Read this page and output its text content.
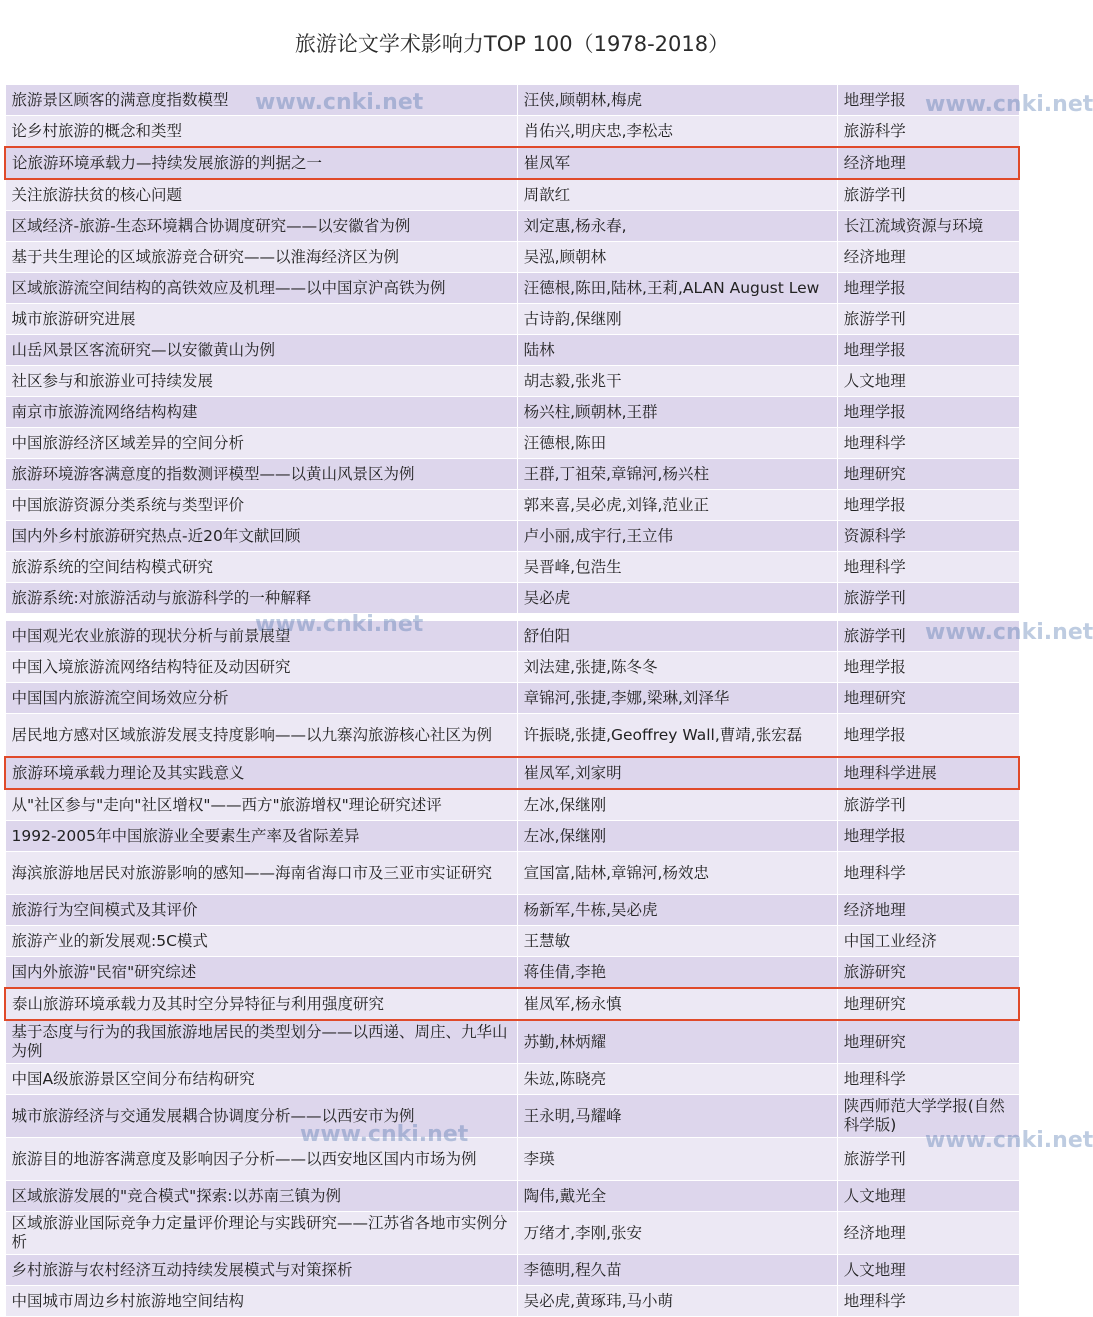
旅游论文学术影响力TOP 100（1978-2018）
旅游景区顾客的满意度指数模型	汪侠,顾朝林,梅虎	地理学报
论乡村旅游的概念和类型	肖佑兴,明庆忠,李松志	旅游科学
论旅游环境承载力—持续发展旅游的判据之一	崔凤军	经济地理
关注旅游扶贫的核心问题	周歆红	旅游学刊
区域经济-旅游-生态环境耦合协调度研究——以安徽省为例	刘定惠,杨永春,	长江流域资源与环境
基于共生理论的区域旅游竞合研究——以淮海经济区为例	吴泓,顾朝林	经济地理
区域旅游流空间结构的高铁效应及机理——以中国京沪高铁为例	汪德根,陈田,陆林,王莉,ALAN August Lew	地理学报
城市旅游研究进展	古诗韵,保继刚	旅游学刊
山岳风景区客流研究—以安徽黄山为例	陆林	地理学报
社区参与和旅游业可持续发展	胡志毅,张兆干	人文地理
南京市旅游流网络结构构建	杨兴柱,顾朝林,王群	地理学报
中国旅游经济区域差异的空间分析	汪德根,陈田	地理科学
旅游环境游客满意度的指数测评模型——以黄山风景区为例	王群,丁祖荣,章锦河,杨兴柱	地理研究
中国旅游资源分类系统与类型评价	郭来喜,吴必虎,刘锋,范业正	地理学报
国内外乡村旅游研究热点-近20年文献回顾	卢小丽,成宇行,王立伟	资源科学
旅游系统的空间结构模式研究	吴晋峰,包浩生	地理科学
旅游系统:对旅游活动与旅游科学的一种解释	吴必虎	旅游学刊

中国观光农业旅游的现状分析与前景展望	舒伯阳	旅游学刊
中国入境旅游流网络结构特征及动因研究	刘法建,张捷,陈冬冬	地理学报
中国国内旅游流空间场效应分析	章锦河,张捷,李娜,梁琳,刘泽华	地理研究
居民地方感对区域旅游发展支持度影响——以九寨沟旅游核心社区为例	许振晓,张捷,Geoffrey Wall,曹靖,张宏磊	地理学报
旅游环境承载力理论及其实践意义	崔凤军,刘家明	地理科学进展
从"社区参与"走向"社区增权"——西方"旅游增权"理论研究述评	左冰,保继刚	旅游学刊
1992-2005年中国旅游业全要素生产率及省际差异	左冰,保继刚	地理学报
海滨旅游地居民对旅游影响的感知——海南省海口市及三亚市实证研究	宣国富,陆林,章锦河,杨效忠	地理科学
旅游行为空间模式及其评价	杨新军,牛栋,吴必虎	经济地理
旅游产业的新发展观:5C模式	王慧敏	中国工业经济
国内外旅游"民宿"研究综述	蒋佳倩,李艳	旅游研究
泰山旅游环境承载力及其时空分异特征与利用强度研究	崔凤军,杨永慎	地理研究
基于态度与行为的我国旅游地居民的类型划分——以西递、周庄、九华山为例	苏勤,林炳耀	地理研究
中国A级旅游景区空间分布结构研究	朱竑,陈晓亮	地理科学
城市旅游经济与交通发展耦合协调度分析——以西安市为例	王永明,马耀峰	陕西师范大学学报(自然科学版)
旅游目的地游客满意度及影响因子分析——以西安地区国内市场为例	李瑛	旅游学刊
区域旅游发展的"竞合模式"探索:以苏南三镇为例	陶伟,戴光全	人文地理
区域旅游业国际竞争力定量评价理论与实践研究——江苏省各地市实例分析	万绪才,李刚,张安	经济地理
乡村旅游与农村经济互动持续发展模式与对策探析	李德明,程久苗	人文地理
中国城市周边乡村旅游地空间结构	吴必虎,黄琢玮,马小萌	地理科学
www.cnki.net	www.cnki.net
www.cnki.net	www.cnki.net
www.cnki.net	www.cnki.net
